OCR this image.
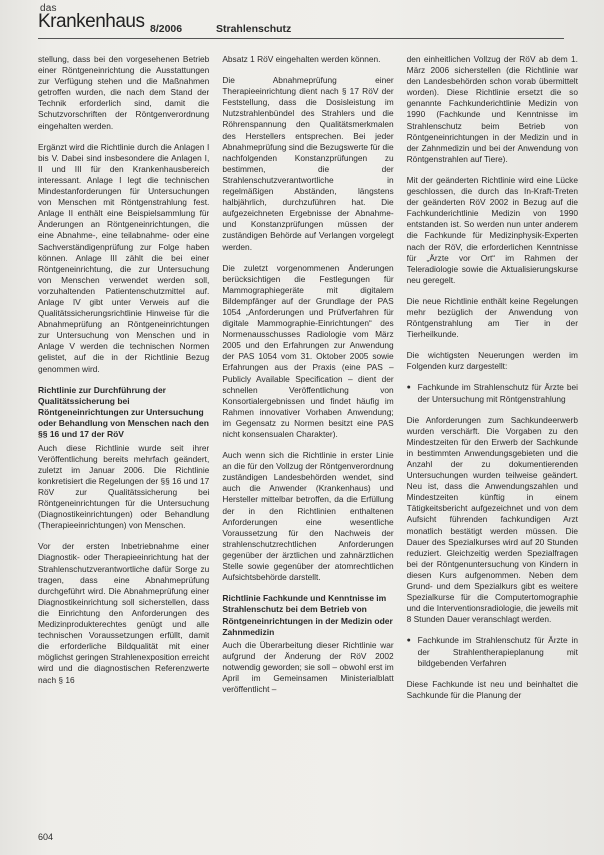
das
Krankenhaus 8/2006	Strahlenschutz

stellung, dass bei den vorgesehenen Betrieb einer Röntgeneinrichtung die Ausstattungen zur Verfügung stehen und die Maßnahmen getroffen wurden, die nach dem Stand der Technik erforderlich sind, damit die Schutzvorschriften der Röntgenverordnung eingehalten werden.

Ergänzt wird die Richtlinie durch die Anlagen I bis V. Dabei sind insbesondere die Anlagen I, II und III für den Krankenhausbereich interessant. Anlage I legt die technischen Mindestanforderungen für Untersuchungen von Menschen mit Röntgenstrahlung fest. Anlage II enthält eine Beispielsammlung für Änderungen an Röntgeneinrichtungen, die eine Abnahme-, eine teilabnahme- oder eine Sachverständigenprüfung zur Folge haben können. Anlage III zählt die bei einer Röntgeneinrichtung, die zur Untersuchung von Menschen verwendet werden soll, vorzuhaltenden Patientenschutzmittel auf. Anlage IV gibt unter Verweis auf die Qualitätssicherungsrichtlinie Hinweise für die Abnahmeprüfung an Röntgeneinrichtungen zur Untersuchung von Menschen und in Anlage V werden die technischen Normen gelistet, auf die in der Richtlinie Bezug genommen wird.

Richtlinie zur Durchführung der Qualitätssicherung bei Röntgeneinrichtungen zur Untersuchung oder Behandlung von Menschen nach den §§ 16 und 17 der RöV

Auch diese Richtlinie wurde seit ihrer Veröffentlichung bereits mehrfach geändert, zuletzt im Januar 2006. Die Richtlinie konkretisiert die Regelungen der §§ 16 und 17 RöV zur Qualitätssicherung bei Röntgeneinrichtungen für die Untersuchung (Diagnostikeinrichtungen) oder Behandlung (Therapieeinrichtungen) von Menschen.

Vor der ersten Inbetriebnahme einer Diagnostik- oder Therapieeinrichtung hat der Strahlenschutzverantwortliche dafür Sorge zu tragen, dass eine Abnahmeprüfung durchgeführt wird. Die Abnahmeprüfung einer Diagnostikeinrichtung soll sicherstellen, dass die Einrichtung den Anforderungen des Medizinprodukterechtes genügt und alle technischen Voraussetzungen erfüllt, damit die erforderliche Bildqualität mit einer möglichst geringen Strahlenexposition erreicht wird und die diagnostischen Referenzwerte nach § 16

Absatz 1 RöV eingehalten werden können.

Die Abnahmeprüfung einer Therapieeinrichtung dient nach § 17 RöV der Feststellung, dass die Dosisleistung im Nutzstrahlenbündel des Strahlers und die Röhrenspannung den Qualitätsmerkmalen des Herstellers entsprechen. Bei jeder Abnahmeprüfung sind die Bezugswerte für die nachfolgenden Konstanzprüfungen zu bestimmen, die der Strahlenschutzverantwortliche in regelmäßigen Abständen, längstens halbjährlich, durchzuführen hat. Die aufgezeichneten Ergebnisse der Abnahme- und Konstanzprüfungen müssen der zuständigen Behörde auf Verlangen vorgelegt werden.

Die zuletzt vorgenommenen Änderungen berücksichtigen die Festlegungen für Mammographiegeräte mit digitalem Bildempfänger auf der Grundlage der PAS 1054 „Anforderungen und Prüfverfahren für digitale Mammographie-Einrichtungen“ des Normenausschusses Radiologie vom März 2005 und den Erfahrungen zur Anwendung der PAS 1054 vom 31. Oktober 2005 sowie Erfahrungen aus der Praxis (eine PAS – Publicly Available Specification – dient der schnellen Veröffentlichung von Konsortialergebnissen und findet häufig im Rahmen innovativer Vorhaben Anwendung; im Gegensatz zu Normen besitzt eine PAS nicht konsensualen Charakter).

Auch wenn sich die Richtlinie in erster Linie an die für den Vollzug der Röntgenverordnung zuständigen Landesbehörden wendet, sind auch die Anwender (Krankenhaus) und Hersteller mittelbar betroffen, da die Erfüllung der in den Richtlinien enthaltenen Anforderungen eine wesentliche Voraussetzung für den Nachweis der strahlenschutzrechtlichen Anforderungen gegenüber der ärztlichen und zahnärztlichen Stelle sowie gegenüber der atomrechtlichen Aufsichtsbehörde darstellt.

Richtlinie Fachkunde und Kenntnisse im Strahlenschutz bei dem Betrieb von Röntgeneinrichtungen in der Medizin oder Zahnmedizin

Auch die Überarbeitung dieser Richtlinie war aufgrund der Änderung der RöV 2002 notwendig geworden; sie soll – obwohl erst im April im Gemeinsamen Ministerialblatt veröffentlicht –

den einheitlichen Vollzug der RöV ab dem 1. März 2006 sicherstellen (die Richtlinie war den Landesbehörden schon vorab übermittelt worden). Diese Richtlinie ersetzt die so genannte Fachkunderichtlinie Medizin von 1990 (Fachkunde und Kenntnisse im Strahlenschutz beim Betrieb von Röntgeneinrichtungen in der Medizin und in der Zahnmedizin und bei der Anwendung von Röntgenstrahlen auf Tiere).

Mit der geänderten Richtlinie wird eine Lücke geschlossen, die durch das In-Kraft-Treten der geänderten RöV 2002 in Bezug auf die Fachkunderichtlinie Medizin von 1990 entstanden ist. So werden nun unter anderem die Fachkunde für Medizinphysik-Experten nach der RöV, die erforderlichen Kenntnisse für „Ärzte vor Ort“ im Rahmen der Teleradiologie sowie die Aktualisierungskurse neu geregelt.

Die neue Richtlinie enthält keine Regelungen mehr bezüglich der Anwendung von Röntgenstrahlung am Tier in der Tierheilkunde.

Die wichtigsten Neuerungen werden im Folgenden kurz dargestellt:

● Fachkunde im Strahlenschutz für Ärzte bei der Untersuchung mit Röntgenstrahlung

Die Anforderungen zum Sachkundeerwerb wurden verschärft. Die Vorgaben zu den Mindestzeiten für den Erwerb der Sachkunde in bestimmten Anwendungsgebieten und die Anzahl der zu dokumentierenden Untersuchungen wurden teilweise geändert. Neu ist, dass die Anwendungszahlen und Mindestzeiten künftig in einem Tätigkeitsbericht aufgezeichnet und von dem Aufsicht führenden fachkundigen Arzt monatlich bestätigt werden müssen. Die Dauer des Spezialkurses wird auf 20 Stunden reduziert. Gleichzeitig werden Spezialfragen bei der Röntgenuntersuchung von Kindern in diesen Kurs aufgenommen. Neben dem Grund- und dem Spezialkurs gibt es weitere Spezialkurse für die Computertomographie und die Interventionsradiologie, die jeweils mit 8 Stunden Dauer veranschlagt werden.

● Fachkunde im Strahlenschutz für Ärzte in der Strahlentherapieplanung mit bildgebenden Verfahren

Diese Fachkunde ist neu und beinhaltet die Sachkunde für die Planung der

604
